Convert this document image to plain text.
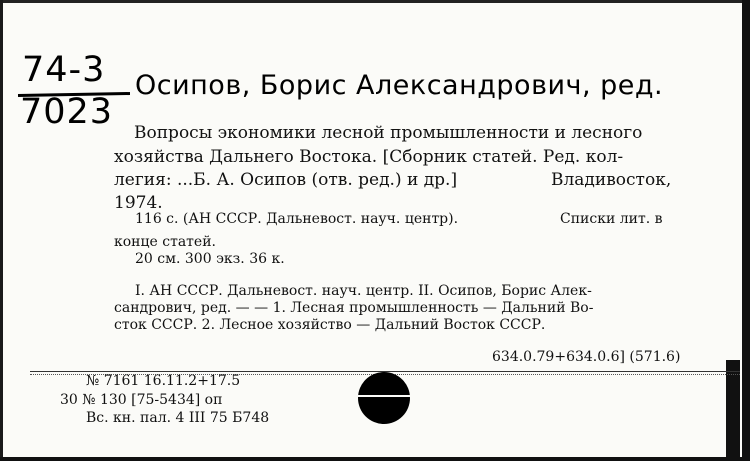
74-3
7023
Осипов, Борис Александрович, ред.
Вопросы экономики лесной промышленности и лесного
хозяйства Дальнего Востока. [Сборник статей. Ред. кол-
легия: ...Б. А. Осипов (отв. ред.) и др.]	Владивосток,
1974.
116 с. (АН СССР. Дальневост. науч. центр).	Списки лит. в
конце статей.
20 см. 300 экз. 36 к.
I. АН СССР. Дальневост. науч. центр. II. Осипов, Борис Алек-
сандрович, ред. — — 1. Лесная промышленность — Дальний Во-
сток СССР. 2. Лесное хозяйство — Дальний Восток СССР.
634.0.79+634.0.6] (571.6)
№ 7161 16.11.2+17.5
30 № 130 [75-5434] оп
Вс. кн. пал. 4 III 75 Б748
